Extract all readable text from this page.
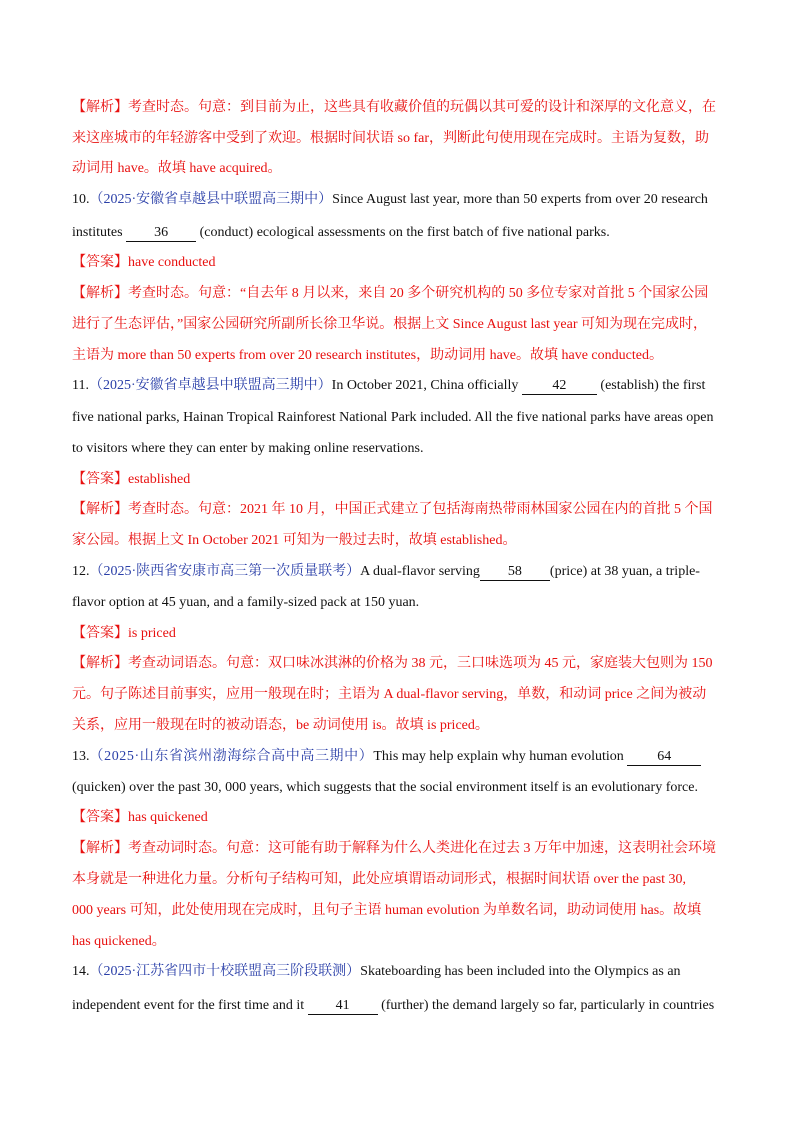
【解析】考查时态。句意：到目前为止，这些具有收藏价值的玩偶以其可爱的设计和深厚的文化意义，在
来这座城市的年轻游客中受到了欢迎。根据时间状语 so far，判断此句使用现在完成时。主语为复数，助
动词用 have。故填 have acquired。
10.（2025·安徽省卓越县中联盟高三期中）Since August last year, more than 50 experts from over 20 research
institutes 36 (conduct) ecological assessments on the first batch of five national parks.
【答案】have conducted
【解析】考查时态。句意：“自去年 8 月以来，来自 20 多个研究机构的 50 多位专家对首批 5 个国家公园
进行了生态评估，”国家公园研究所副所长徐卫华说。根据上文 Since August last year 可知为现在完成时，
主语为 more than 50 experts from over 20 research institutes，助动词用 have。故填 have conducted。
11.（2025·安徽省卓越县中联盟高三期中）In October 2021, China officially 42 (establish) the first
five national parks, Hainan Tropical Rainforest National Park included. All the five national parks have areas open
to visitors where they can enter by making online reservations.
【答案】established
【解析】考查时态。句意：2021 年 10 月，中国正式建立了包括海南热带雨林国家公园在内的首批 5 个国
家公园。根据上文 In October 2021 可知为一般过去时，故填 established。
12.（2025·陕西省安康市高三第一次质量联考）A dual-flavor serving 58 (price) at 38 yuan, a triple-
flavor option at 45 yuan, and a family-sized pack at 150 yuan.
【答案】is priced
【解析】考查动词语态。句意：双口味冰淇淋的价格为 38 元，三口味选项为 45 元，家庭装大包则为 150
元。句子陈述目前事实，应用一般现在时；主语为 A dual-flavor serving，单数，和动词 price 之间为被动
关系，应用一般现在时的被动语态，be 动词使用 is。故填 is priced。
13.（2025·山东省滨州渤海综合高中高三期中）This may help explain why human evolution 64
(quicken) over the past 30, 000 years, which suggests that the social environment itself is an evolutionary force.
【答案】has quickened
【解析】考查动词时态。句意：这可能有助于解释为什么人类进化在过去 3 万年中加速，这表明社会环境
本身就是一种进化力量。分析句子结构可知，此处应填谓语动词形式，根据时间状语 over the past 30,
000 years 可知，此处使用现在完成时，且句子主语 human evolution 为单数名词，助动词使用 has。故填
has quickened。
14.（2025·江苏省四市十校联盟高三阶段联测）Skateboarding has been included into the Olympics as an
independent event for the first time and it 41 (further) the demand largely so far, particularly in countries
